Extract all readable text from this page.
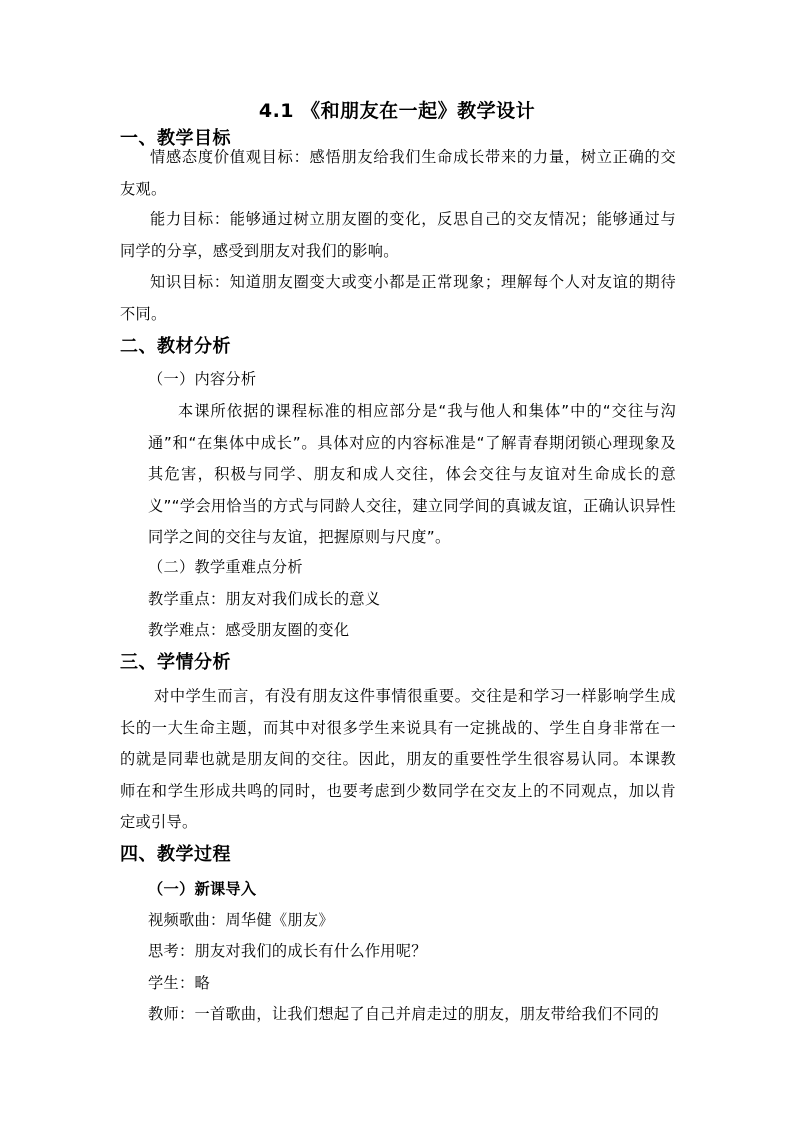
4.1 《和朋友在一起》教学设计
一、教学目标
情感态度价值观目标：感悟朋友给我们生命成长带来的力量，树立正确的交友观。
能力目标：能够通过树立朋友圈的变化，反思自己的交友情况；能够通过与同学的分享，感受到朋友对我们的影响。
知识目标：知道朋友圈变大或变小都是正常现象；理解每个人对友谊的期待不同。
二、教材分析
（一）内容分析
本课所依据的课程标准的相应部分是“我与他人和集体”中的“交往与沟通”和“在集体中成长”。具体对应的内容标准是“了解青春期闭锁心理现象及其危害，积极与同学、朋友和成人交往，体会交往与友谊对生命成长的意义”“学会用恰当的方式与同龄人交往，建立同学间的真诚友谊，正确认识异性同学之间的交往与友谊，把握原则与尺度”。
（二）教学重难点分析
教学重点：朋友对我们成长的意义
教学难点：感受朋友圈的变化
三、学情分析
对中学生而言，有没有朋友这件事情很重要。交往是和学习一样影响学生成长的一大生命主题，而其中对很多学生来说具有一定挑战的、学生自身非常在一的就是同辈也就是朋友间的交往。因此，朋友的重要性学生很容易认同。本课教师在和学生形成共鸣的同时，也要考虑到少数同学在交友上的不同观点，加以肯定或引导。
四、教学过程
（一）新课导入
视频歌曲：周华健《朋友》
思考：朋友对我们的成长有什么作用呢？
学生：略
教师：一首歌曲，让我们想起了自己并肩走过的朋友，朋友带给我们不同的
